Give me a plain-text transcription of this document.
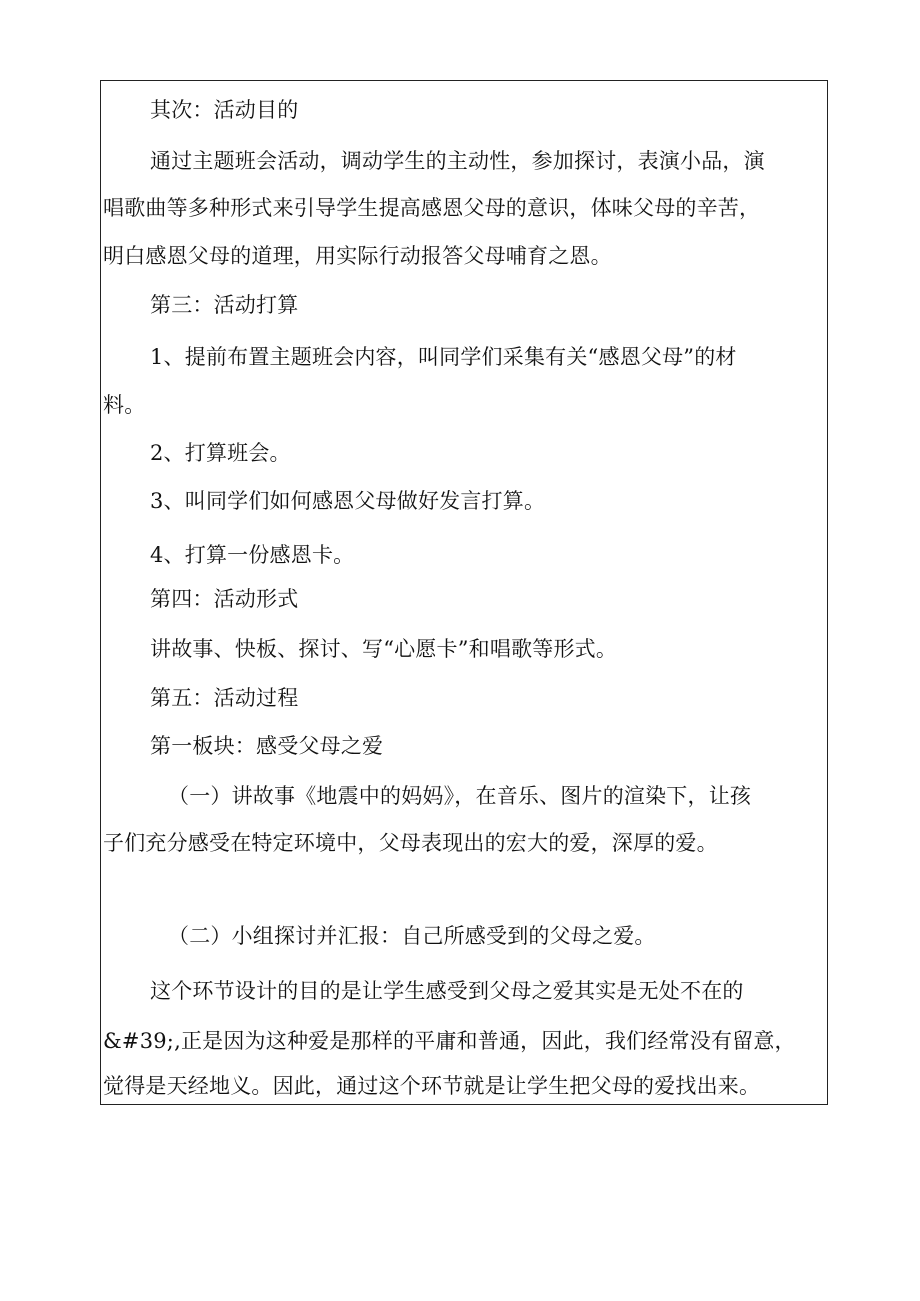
其次：活动目的
通过主题班会活动，调动学生的主动性，参加探讨，表演小品，演
唱歌曲等多种形式来引导学生提高感恩父母的意识，体味父母的辛苦，
明白感恩父母的道理，用实际行动报答父母哺育之恩。
第三：活动打算
1、提前布置主题班会内容，叫同学们采集有关“感恩父母”的材
料。
2、打算班会。
3、叫同学们如何感恩父母做好发言打算。
4、打算一份感恩卡。
第四：活动形式
讲故事、快板、探讨、写“心愿卡”和唱歌等形式。
第五：活动过程
第一板块：感受父母之爱
（一）讲故事《地震中的妈妈》，在音乐、图片的渲染下，让孩
子们充分感受在特定环境中，父母表现出的宏大的爱，深厚的爱。
（二）小组探讨并汇报：自己所感受到的父母之爱。
这个环节设计的目的是让学生感受到父母之爱其实是无处不在的
&#39;,正是因为这种爱是那样的平庸和普通，因此，我们经常没有留意，
觉得是天经地义。因此，通过这个环节就是让学生把父母的爱找出来。
